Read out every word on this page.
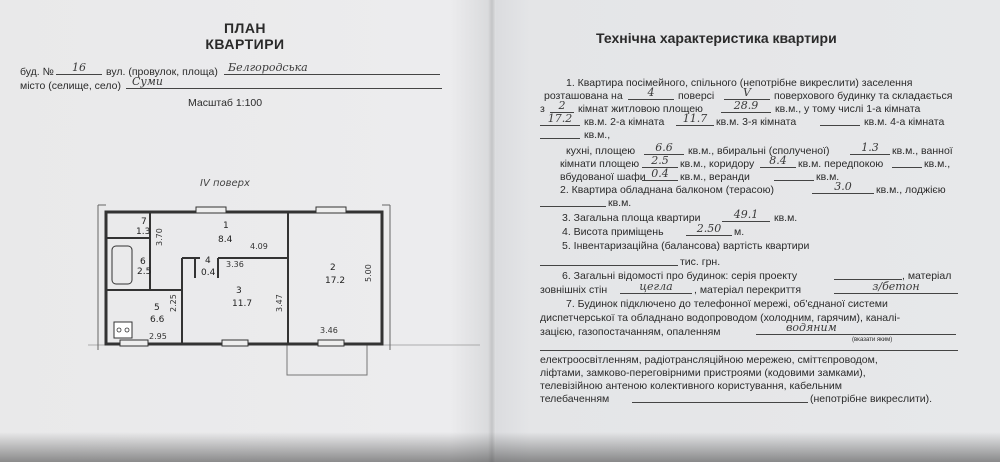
ПЛАН
КВАРТИРИ
буд. №	16	вул. (провулок, площа) Белгородська
місто (селище, село)	Суми
Масштаб 1:100
IV поверх
7
1.3
1
8.4
6
2.5
4
0.4	2
17.2
3
11.7
5
6.6
3.70
4.09
3.36
3.47
5.00
3.46
2.25
2.95
Технічна характеристика квартири
1. Квартира посімейного, спільного (непотрібне викреслити) заселення
розташована на	4	поверсі	V	поверхового будинку та складається
з	2	кімнат житловою площею	28.9	кв.м., у тому числі 1-а кімната
17.2	кв.м. 2-а кімната	11.7 кв.м. 3-я кімната	кв.м. 4-а кімната
кв.м.,
кухні, площею	6.6	кв.м., вбиральні (сполученої)	1.3	кв.м., ванної
кімнати площею	2.5	кв.м., коридору	8.4	кв.м. передпокою	кв.м.,
вбудованої шафи 0.4	кв.м., веранди	кв.м.
2. Квартира обладнана балконом (терасою)	3.0	кв.м., лоджією
кв.м.
3. Загальна площа квартири	49.1	кв.м.
4. Висота приміщень	2.50	м.
5. Інвентаризаційна (балансова) вартість квартири
тис. грн.
6. Загальні відомості про будинок: серія проекту	, матеріал
зовнішніх стін	цегла	, матеріал перекриття	з/бетон
7. Будинок підключено до телефонної мережі, об'єднаної системи
диспетчерської та обладнано водопроводом (холодним, гарячим), каналі-
зацією, газопостачанням, опаленням	водяним
(вказати яким)
електроосвітленням, радіотрансляційною мережею, сміттєпроводом,
ліфтами, замково-переговірними пристроями (кодовими замками),
телевізійною антеною колективного користування, кабельним
телебаченням	(непотрібне викреслити).
